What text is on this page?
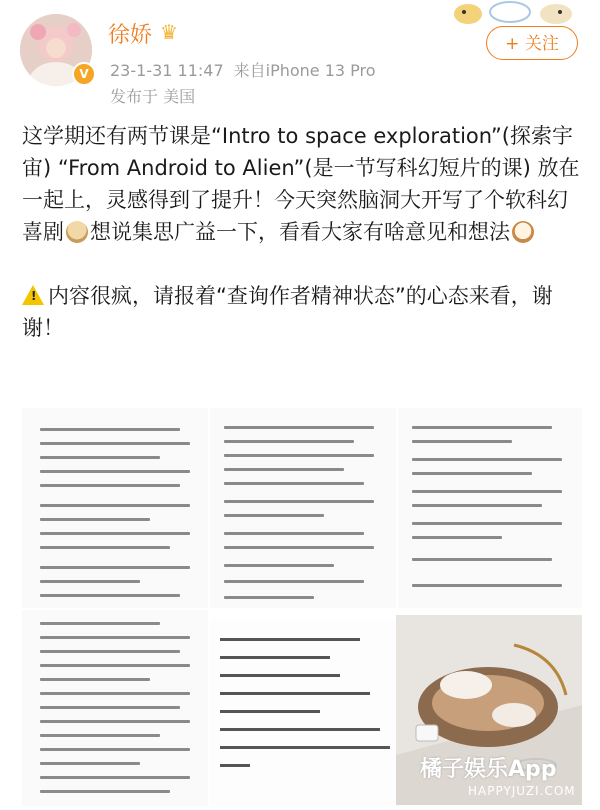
V
徐娇 ♛
23-1-31 11:47 来自iPhone 13 Pro
发布于 美国
+ 关注

这学期还有两节课是“Intro to space exploration”(探索宇宙) “From Android to Alien”(是一节写科幻短片的课) 放在一起上，灵感得到了提升！今天突然脑洞大开写了个软科幻喜剧 想说集思广益一下，看看大家有啥意见和想法

! 内容很疯，请报着“查询作者精神状态”的心态来看，谢谢！

橘子娱乐App
HAPPYJUZI.COM
